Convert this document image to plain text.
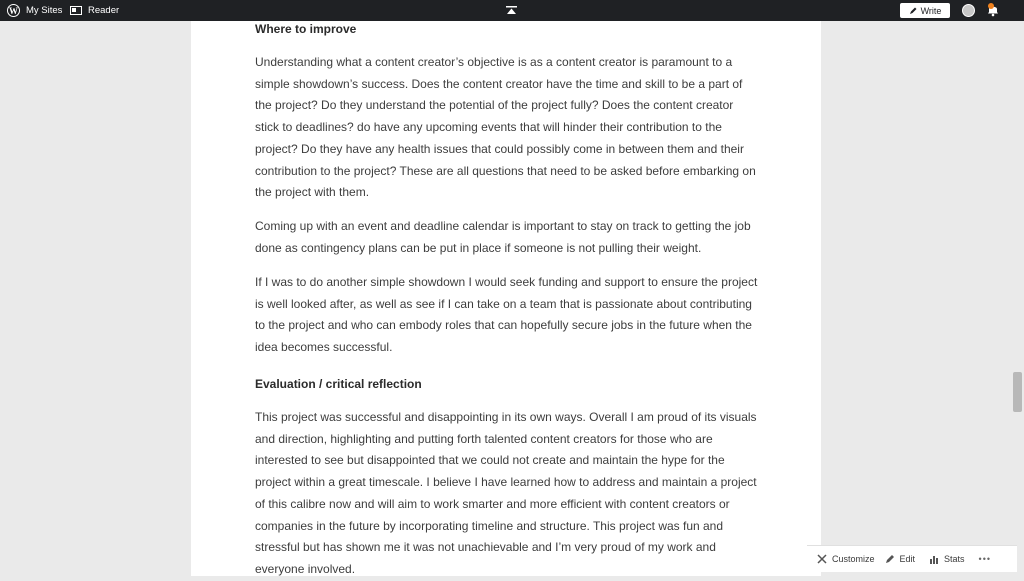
W My Sites	Reader	Write
Where to improve

Understanding what a content creator’s objective is as a content creator is paramount to a simple showdown’s success. Does the content creator have the time and skill to be a part of the project? Do they understand the potential of the project fully? Does the content creator stick to deadlines? do have any upcoming events that will hinder their contribution to the project? Do they have any health issues that could possibly come in between them and their contribution to the project? These are all questions that need to be asked before embarking on the project with them.

Coming up with an event and deadline calendar is important to stay on track to getting the job done as contingency plans can be put in place if someone is not pulling their weight.

If I was to do another simple showdown I would seek funding and support to ensure the project is well looked after, as well as see if I can take on a team that is passionate about contributing to the project and who can embody roles that can hopefully secure jobs in the future when the idea becomes successful.

Evaluation / critical reflection

This project was successful and disappointing in its own ways. Overall I am proud of its visuals and direction, highlighting and putting forth talented content creators for those who are interested to see but disappointed that we could not create and maintain the hype for the project within a great timescale. I believe I have learned how to address and maintain a project of this calibre now and will aim to work smarter and more efficient with content creators or companies in the future by incorporating timeline and structure. This project was fun and stressful but has shown me it was not unachievable and I’m very proud of my work and everyone involved.

Customize	Edit	Stats •••
